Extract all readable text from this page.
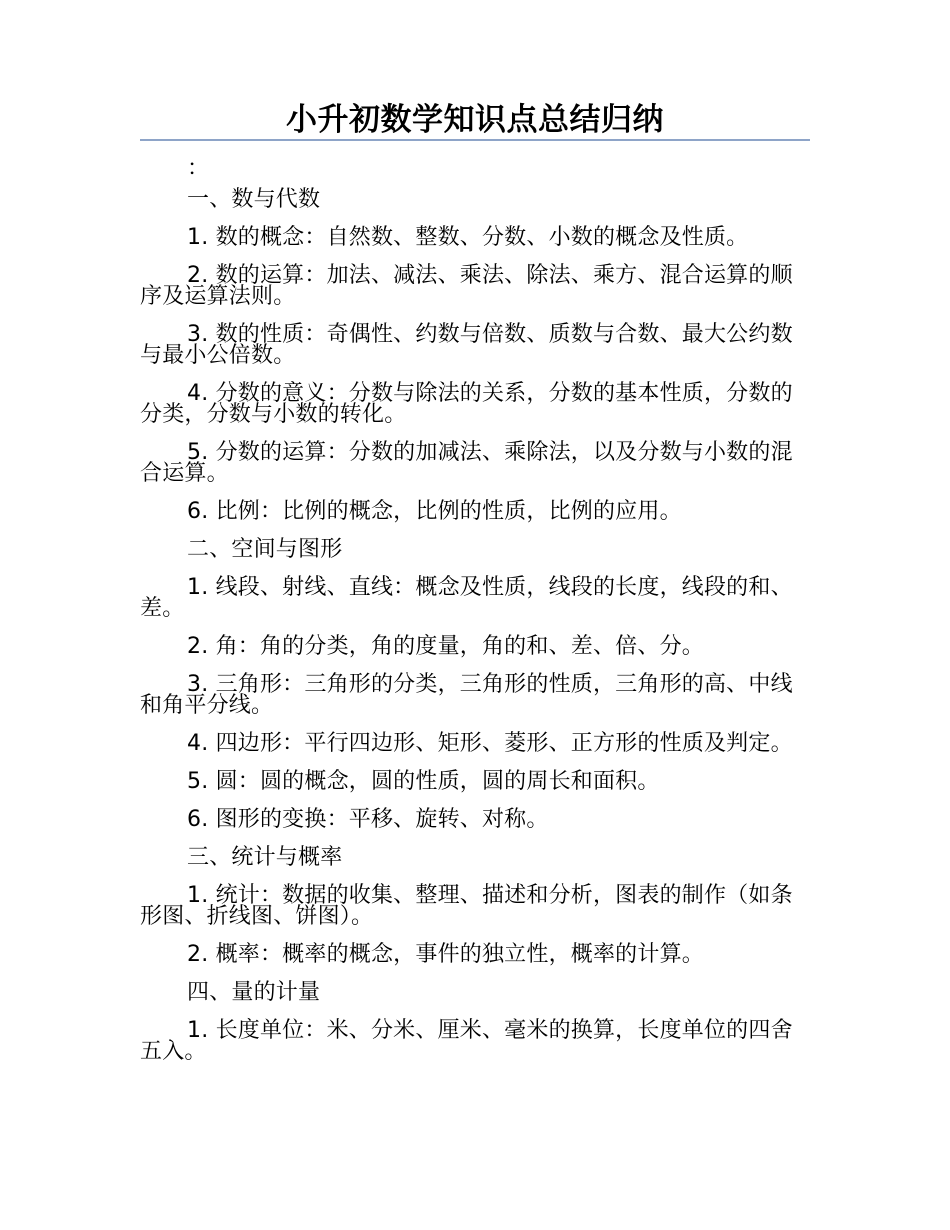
小升初数学知识点总结归纳

：

一、数与代数

1. 数的概念：自然数、整数、分数、小数的概念及性质。

2. 数的运算：加法、减法、乘法、除法、乘方、混合运算的顺序及运算法则。

3. 数的性质：奇偶性、约数与倍数、质数与合数、最大公约数与最小公倍数。

4. 分数的意义：分数与除法的关系，分数的基本性质，分数的分类，分数与小数的转化。

5. 分数的运算：分数的加减法、乘除法，以及分数与小数的混合运算。

6. 比例：比例的概念，比例的性质，比例的应用。

二、空间与图形

1. 线段、射线、直线：概念及性质，线段的长度，线段的和、差。

2. 角：角的分类，角的度量，角的和、差、倍、分。

3. 三角形：三角形的分类，三角形的性质，三角形的高、中线和角平分线。

4. 四边形：平行四边形、矩形、菱形、正方形的性质及判定。

5. 圆：圆的概念，圆的性质，圆的周长和面积。

6. 图形的变换：平移、旋转、对称。

三、统计与概率

1. 统计：数据的收集、整理、描述和分析，图表的制作（如条形图、折线图、饼图）。

2. 概率：概率的概念，事件的独立性，概率的计算。

四、量的计量

1. 长度单位：米、分米、厘米、毫米的换算，长度单位的四舍五入。
